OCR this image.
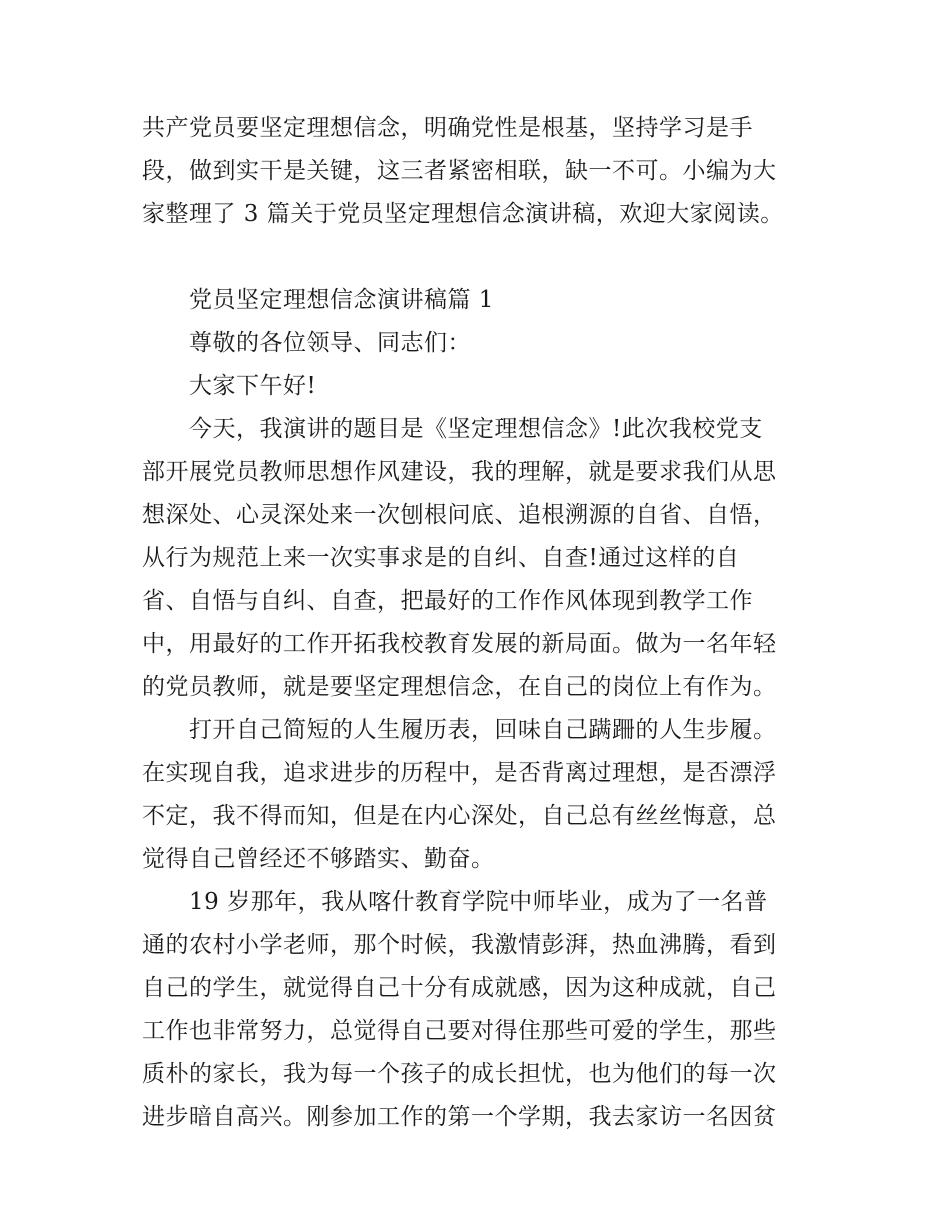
共产党员要坚定理想信念，明确党性是根基，坚持学习是手
段，做到实干是关键，这三者紧密相联，缺一不可。小编为大
家整理了 3 篇关于党员坚定理想信念演讲稿，欢迎大家阅读。
党员坚定理想信念演讲稿篇 1
尊敬的各位领导、同志们：
大家下午好!
今天，我演讲的题目是《坚定理想信念》!此次我校党支
部开展党员教师思想作风建设，我的理解，就是要求我们从思
想深处、心灵深处来一次刨根问底、追根溯源的自省、自悟，
从行为规范上来一次实事求是的自纠、自查!通过这样的自
省、自悟与自纠、自查，把最好的工作作风体现到教学工作
中，用最好的工作开拓我校教育发展的新局面。做为一名年轻
的党员教师，就是要坚定理想信念，在自己的岗位上有作为。
打开自己简短的人生履历表，回味自己蹒跚的人生步履。
在实现自我，追求进步的历程中，是否背离过理想，是否漂浮
不定，我不得而知，但是在内心深处，自己总有丝丝悔意，总
觉得自己曾经还不够踏实、勤奋。
19 岁那年，我从喀什教育学院中师毕业，成为了一名普
通的农村小学老师，那个时候，我激情彭湃，热血沸腾，看到
自己的学生，就觉得自己十分有成就感，因为这种成就，自己
工作也非常努力，总觉得自己要对得住那些可爱的学生，那些
质朴的家长，我为每一个孩子的成长担忧，也为他们的每一次
进步暗自高兴。刚参加工作的第一个学期，我去家访一名因贫
